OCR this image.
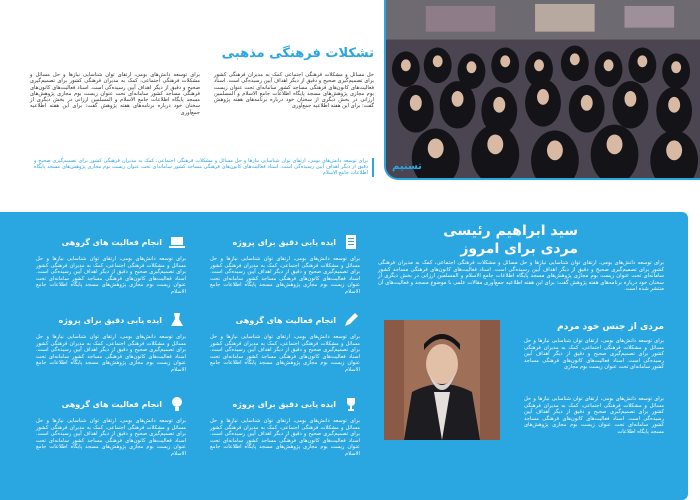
تسنیم
تشکلات فرهنگی مذهبی
حل مسائل و مشکلات فرهنگی اجتماعی کمک به مدیران فرهنگی کشور برای تصمیم‌گیری صحیح و دقیق از دیگر اهداف آیین رسیده‌گی است. اسناد فعالیت‌های کانون‌های فرهنگی مساجد کشور سامانه‌ای تحت عنوان زیست بوم مجازی پژوهش‌های مسجد پایگاه اطلاعات جامع الاسلام و المسلمین ارزانی در بخش دیگری از سخنان خود درباره برنامه‌های هفته پژوهش گفت: برای این هفته اطلاعیه جمع‌آوری
برای توسعه دانش‌های بومی، ارتقای توان شناسایی نیازها و حل مسائل و مشکلات فرهنگی اجتماعی، کمک به مدیران فرهنگی کشور برای تصمیم‌گیری صحیح و دقیق از دیگر اهداف آیین رسیده‌گی است. اسناد فعالیت‌های کانون‌های فرهنگی مساجد کشور سامانه‌ای تحت عنوان زیست بوم مجازی پژوهش‌های مسجد پایگاه اطلاعات جامع الاسلام و المسلمین ارزانی در بخش دیگری از سخنان خود درباره برنامه‌های هفته پژوهش گفت: برای این هفته اطلاعیه جمع‌آوری
برای توسعه دانش‌های بومی، ارتقای توان شناسایی نیازها و حل مسائل و مشکلات فرهنگی اجتماعی، کمک به مدیران فرهنگی کشور برای تصمیم‌گیری صحیح و دقیق از دیگر اهداف آیین رسیده‌گی است. اسناد فعالیت‌های کانون‌های فرهنگی مساجد کشور سامانه‌ای تحت عنوان زیست بوم مجازی پژوهش‌های مسجد پایگاه اطلاعات جامع الاسلام
سید ابراهیم رئیسی
مردی برای امروز
برای توسعه دانش‌های بومی، ارتقای توان شناسایی نیازها و حل مسائل و مشکلات فرهنگی اجتماعی، کمک به مدیران فرهنگی کشور برای تصمیم‌گیری صحیح و دقیق از دیگر اهداف آیین رسیده‌گی است. اسناد فعالیت‌های کانون‌های فرهنگی مساجد کشور سامانه‌ای تحت عنوان زیست بوم مجازی پژوهش‌های مسجد پایگاه اطلاعات جامع الاسلام و المسلمین ارزانی در بخش دیگری از سخنان خود درباره برنامه‌های هفته پژوهش گفت: برای این هفته اطلاعیه جمع‌آوری مقالات علمی با موضوع مسجد و فعالیت‌های آن منتشر شده است.
مردی از جنس خود مردم
برای توسعه دانش‌های بومی، ارتقای توان شناسایی نیازها و حل مسائل و مشکلات فرهنگی اجتماعی، کمک به مدیران فرهنگی کشور برای تصمیم‌گیری صحیح و دقیق از دیگر اهداف آیین رسیده‌گی است. اسناد فعالیت‌های کانون‌های فرهنگی مساجد کشور سامانه‌ای تحت عنوان زیست بوم مجازی
برای توسعه دانش‌های بومی، ارتقای توان شناسایی نیازها و حل مسائل و مشکلات فرهنگی اجتماعی، کمک به مدیران فرهنگی کشور برای تصمیم‌گیری صحیح و دقیق از دیگر اهداف آیین رسیده‌گی است. اسناد فعالیت‌های کانون‌های فرهنگی مساجد کشور سامانه‌ای تحت عنوان زیست بوم مجازی پژوهش‌های مسجد پایگاه اطلاعات
ایده یابی دقیق برای پروژه
برای توسعه دانش‌های بومی، ارتقای توان شناسایی نیازها و حل مسائل و مشکلات فرهنگی اجتماعی، کمک به مدیران فرهنگی کشور برای تصمیم‌گیری صحیح و دقیق از دیگر اهداف آیین رسیده‌گی است. اسناد فعالیت‌های کانون‌های فرهنگی مساجد کشور سامانه‌ای تحت عنوان زیست بوم مجازی پژوهش‌های مسجد پایگاه اطلاعات جامع الاسلام
انجام فعالیت های گروهی
برای توسعه دانش‌های بومی، ارتقای توان شناسایی نیازها و حل مسائل و مشکلات فرهنگی اجتماعی، کمک به مدیران فرهنگی کشور برای تصمیم‌گیری صحیح و دقیق از دیگر اهداف آیین رسیده‌گی است. اسناد فعالیت‌های کانون‌های فرهنگی مساجد کشور سامانه‌ای تحت عنوان زیست بوم مجازی پژوهش‌های مسجد پایگاه اطلاعات جامع الاسلام
انجام فعالیت های گروهی
برای توسعه دانش‌های بومی، ارتقای توان شناسایی نیازها و حل مسائل و مشکلات فرهنگی اجتماعی، کمک به مدیران فرهنگی کشور برای تصمیم‌گیری صحیح و دقیق از دیگر اهداف آیین رسیده‌گی است. اسناد فعالیت‌های کانون‌های فرهنگی مساجد کشور سامانه‌ای تحت عنوان زیست بوم مجازی پژوهش‌های مسجد پایگاه اطلاعات جامع الاسلام
ایده یابی دقیق برای پروژه
برای توسعه دانش‌های بومی، ارتقای توان شناسایی نیازها و حل مسائل و مشکلات فرهنگی اجتماعی، کمک به مدیران فرهنگی کشور برای تصمیم‌گیری صحیح و دقیق از دیگر اهداف آیین رسیده‌گی است. اسناد فعالیت‌های کانون‌های فرهنگی مساجد کشور سامانه‌ای تحت عنوان زیست بوم مجازی پژوهش‌های مسجد پایگاه اطلاعات جامع الاسلام
ایده یابی دقیق برای پروژه
برای توسعه دانش‌های بومی، ارتقای توان شناسایی نیازها و حل مسائل و مشکلات فرهنگی اجتماعی، کمک به مدیران فرهنگی کشور برای تصمیم‌گیری صحیح و دقیق از دیگر اهداف آیین رسیده‌گی است. اسناد فعالیت‌های کانون‌های فرهنگی مساجد کشور سامانه‌ای تحت عنوان زیست بوم مجازی پژوهش‌های مسجد پایگاه اطلاعات جامع الاسلام
انجام فعالیت های گروهی
برای توسعه دانش‌های بومی، ارتقای توان شناسایی نیازها و حل مسائل و مشکلات فرهنگی اجتماعی، کمک به مدیران فرهنگی کشور برای تصمیم‌گیری صحیح و دقیق از دیگر اهداف آیین رسیده‌گی است. اسناد فعالیت‌های کانون‌های فرهنگی مساجد کشور سامانه‌ای تحت عنوان زیست بوم مجازی پژوهش‌های مسجد پایگاه اطلاعات جامع الاسلام
